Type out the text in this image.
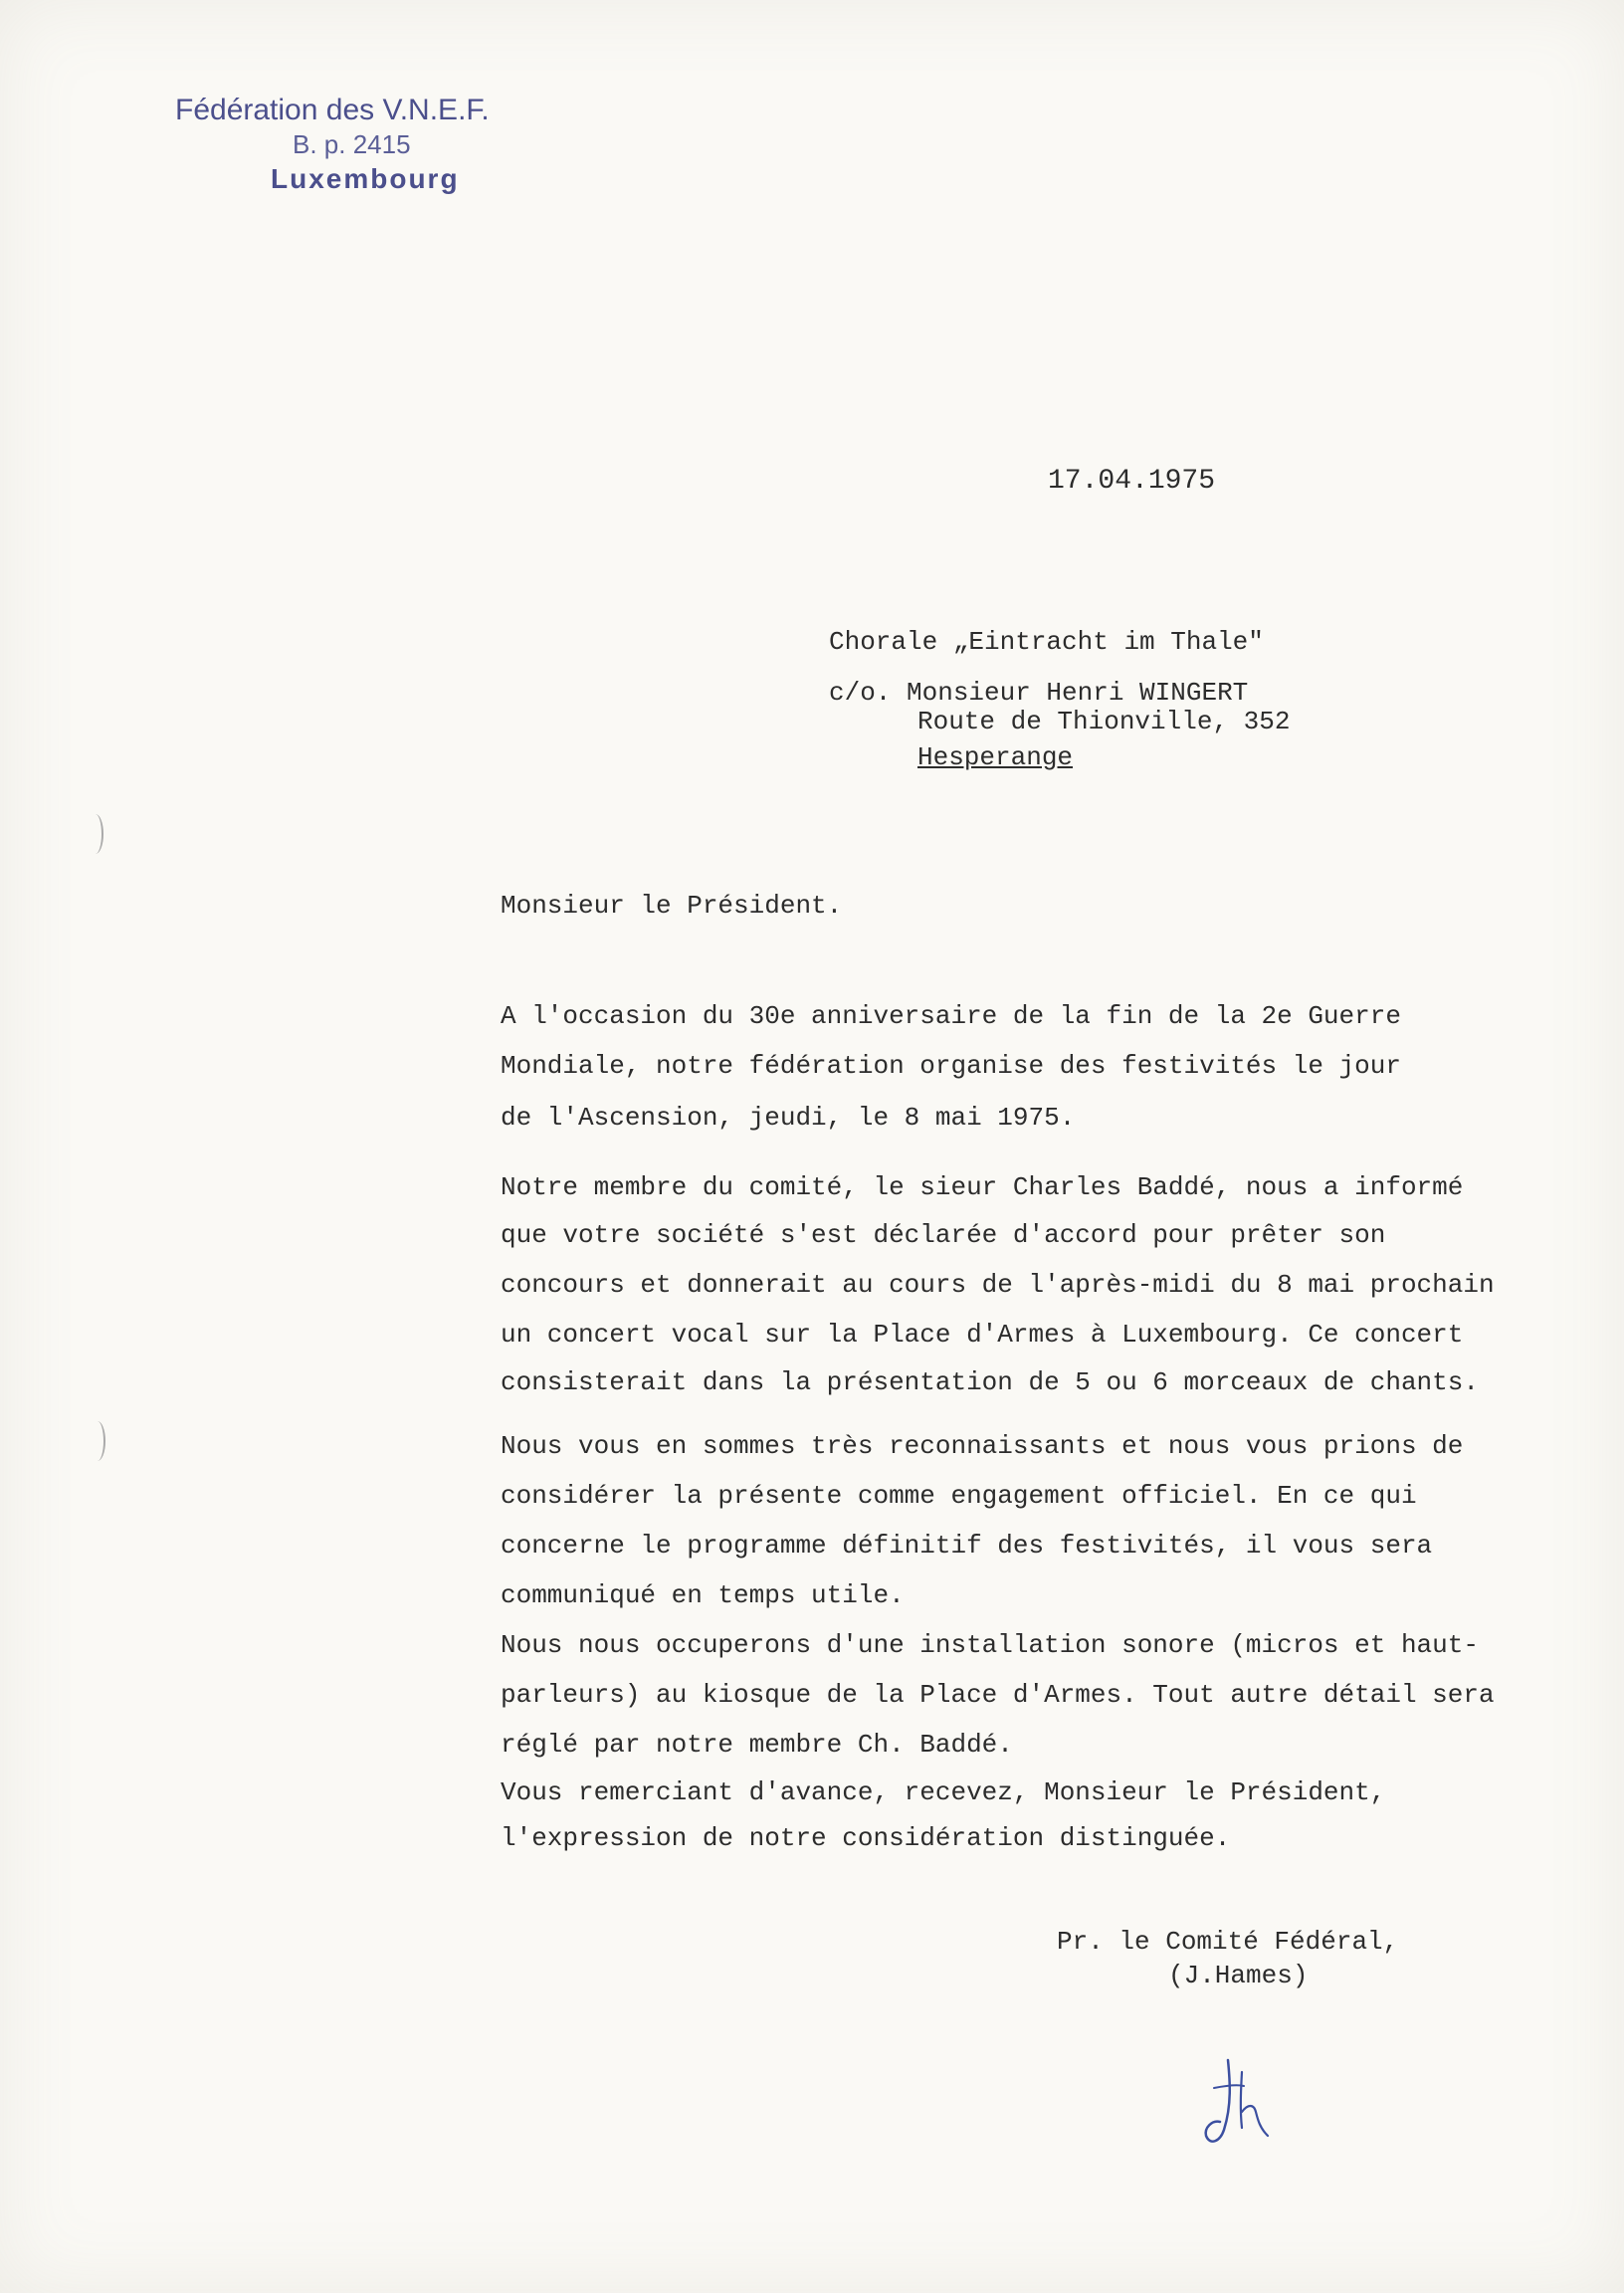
Fédération des V.N.E.F.
B. p. 2415
Luxembourg
17.04.1975
Chorale „Eintracht im Thale"
c/o. Monsieur Henri WINGERT
Route de Thionville, 352
Hesperange
Monsieur le Président.
A l'occasion du 30e anniversaire de la fin de la 2e Guerre
Mondiale, notre fédération organise des festivités le jour
de l'Ascension, jeudi, le 8 mai 1975.
Notre membre du comité, le sieur Charles Baddé, nous a informé
que votre société s'est déclarée d'accord pour prêter son
concours et donnerait au cours de l'après-midi du 8 mai prochain
un concert vocal sur la Place d'Armes à Luxembourg. Ce concert
consisterait dans la présentation de 5 ou 6 morceaux de chants.
Nous vous en sommes très reconnaissants et nous vous prions de
considérer la présente comme engagement officiel. En ce qui
concerne le programme définitif des festivités, il vous sera
communiqué en temps utile.
Nous nous occuperons d'une installation sonore (micros et haut-
parleurs) au kiosque de la Place d'Armes. Tout autre détail sera
réglé par notre membre Ch. Baddé.
Vous remerciant d'avance, recevez, Monsieur le Président,
l'expression de notre considération distinguée.
Pr. le Comité Fédéral,
(J.Hames)
